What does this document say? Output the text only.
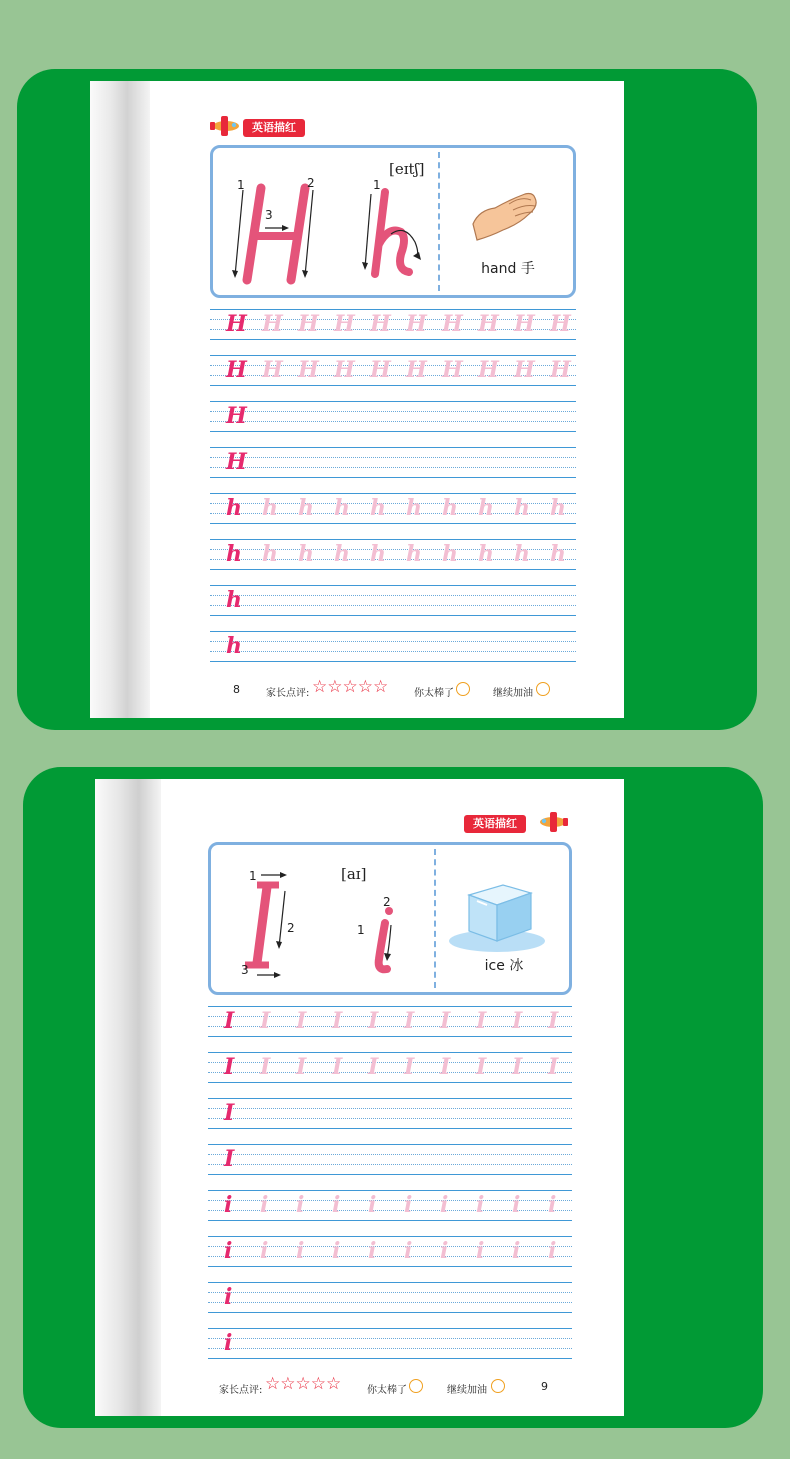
英语描红
1	2
3
1
[eɪtʃ]
hand 手
H H H H H H H H H H
H H H H H H H H H H
H
H
h h h h h h h h h h
h h h h h h h h h h
h
h
8	家长点评: ☆☆☆☆☆	你太棒了	继续加油
英语描红
1
2
3
1
2
[aɪ]
ice 冰
I I I I I I I I I I
I I I I I I I I I I
I
I
i i i i i i i i i i
i i i i i i i i i i
i
i
家长点评: ☆☆☆☆☆	你太棒了	继续加油	9
